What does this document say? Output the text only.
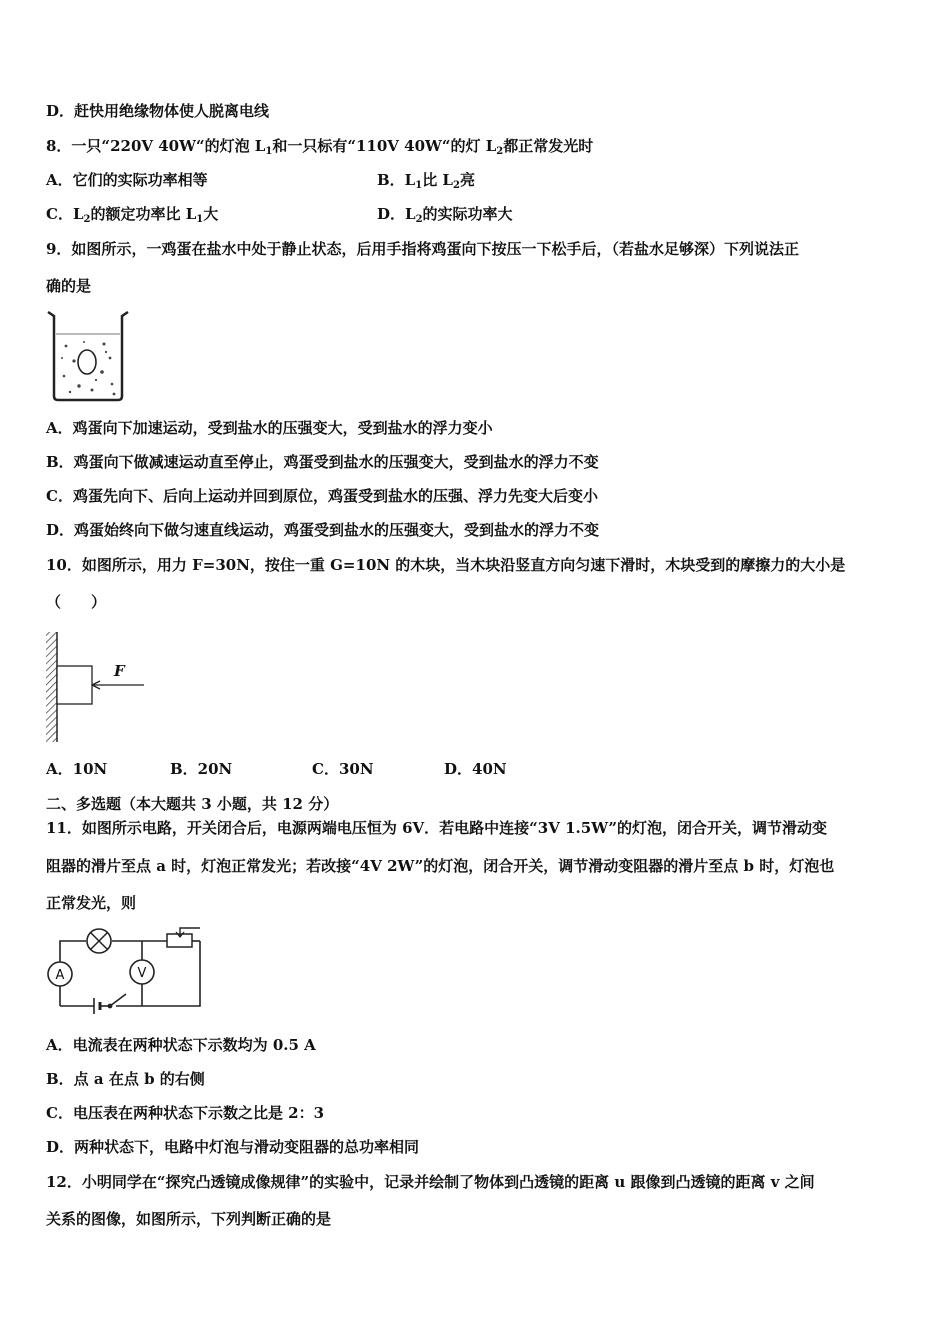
D．赶快用绝缘物体使人脱离电线
8．一只“220V 40W“的灯泡 $L_1$和一只标有“110V 40W“的灯 $L_2$都正常发光时
A．它们的实际功率相等	B．$L_1$比 $L_2$亮
C．$L_2$的额定功率比 $L_1$大	D．$L_2$的实际功率大
9．如图所示，一鸡蛋在盐水中处于静止状态，后用手指将鸡蛋向下按压一下松手后，（若盐水足够深）下列说法正
确的是
A．鸡蛋向下加速运动，受到盐水的压强变大，受到盐水的浮力变小
B．鸡蛋向下做减速运动直至停止，鸡蛋受到盐水的压强变大，受到盐水的浮力不变
C．鸡蛋先向下、后向上运动并回到原位，鸡蛋受到盐水的压强、浮力先变大后变小
D．鸡蛋始终向下做匀速直线运动，鸡蛋受到盐水的压强变大，受到盐水的浮力不变
10．如图所示，用力 F=30N，按住一重 G=10N 的木块，当木块沿竖直方向匀速下滑时，木块受到的摩擦力的大小是
（　　）
F
A．10N	B．20N	C．30N	D．40N
二、多选题（本大题共 3 小题，共 12 分）
11．如图所示电路，开关闭合后，电源两端电压恒为 6V．若电路中连接“3V 1.5W”的灯泡，闭合开关，调节滑动变
阻器的滑片至点 a 时，灯泡正常发光；若改接“4V 2W”的灯泡，闭合开关，调节滑动变阻器的滑片至点 b 时，灯泡也
正常发光，则
A	V
A．电流表在两种状态下示数均为 0.5 A
B．点 a 在点 b 的右侧
C．电压表在两种状态下示数之比是 2：3
D．两种状态下，电路中灯泡与滑动变阻器的总功率相同
12．小明同学在“探究凸透镜成像规律”的实验中，记录并绘制了物体到凸透镜的距离 u 跟像到凸透镜的距离 v 之间
关系的图像，如图所示，下列判断正确的是
